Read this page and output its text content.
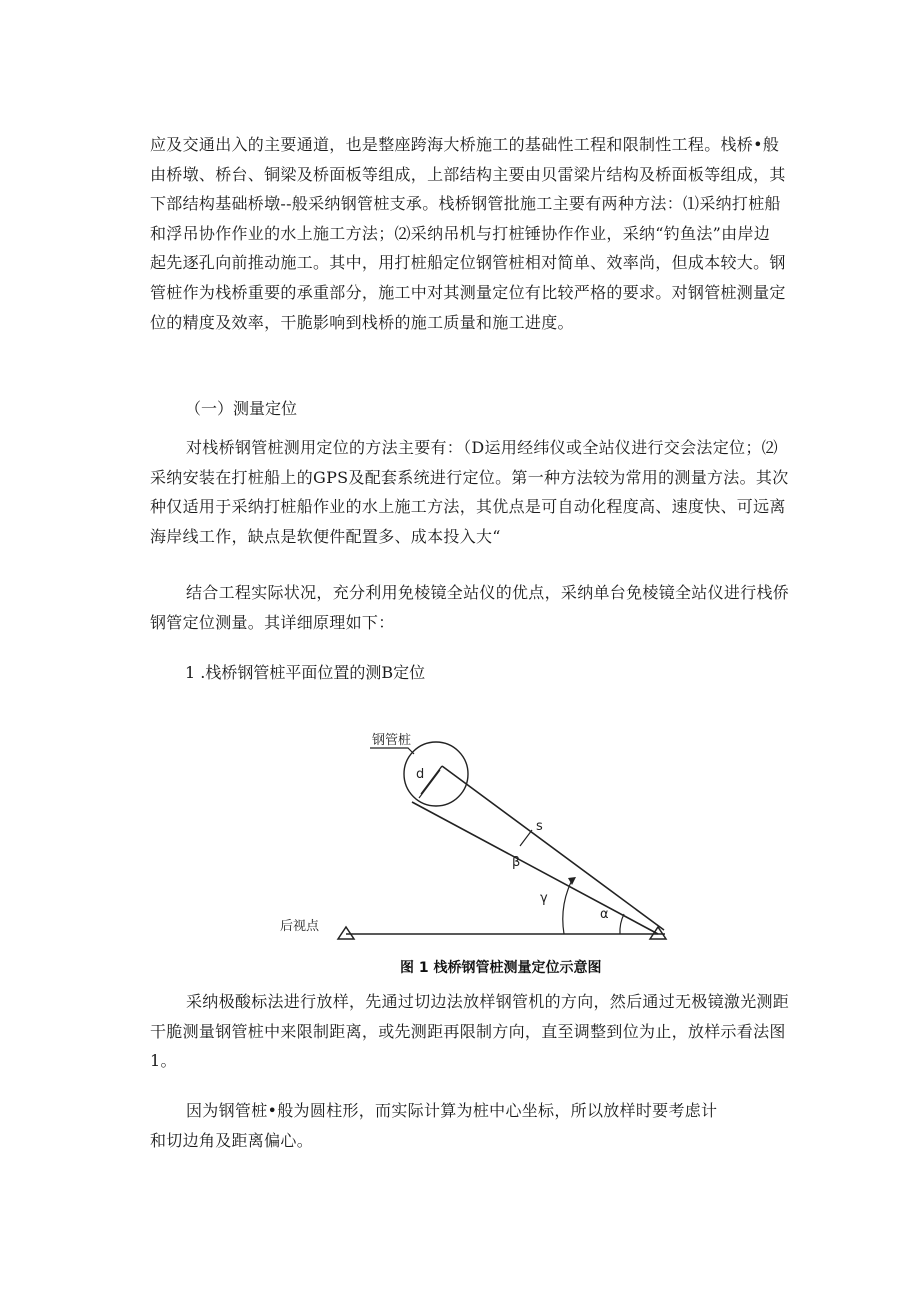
应及交通出入的主要通道，也是整座跨海大桥施工的基础性工程和限制性工程。栈桥•般
由桥墩、桥台、铜梁及桥面板等组成，上部结构主要由贝雷梁片结构及桥面板等组成，其
下部结构基础桥墩--般采纳钢管桩支承。栈桥钢管批施工主要有两种方法：⑴采纳打桩船
和浮吊协作作业的水上施工方法；⑵采纳吊机与打桩锤协作作业，采纳“钓鱼法”由岸边
起先逐孔向前推动施工。其中，用打桩船定位钢管桩相对简单、效率尚，但成本较大。钢
管桩作为栈桥重要的承重部分，施工中对其测量定位有比较严格的要求。对钢管桩测量定
位的精度及效率，干脆影响到栈桥的施工质量和施工进度。

（一）测量定位

对栈桥钢管桩测用定位的方法主要有：（D运用经纬仪或全站仪进行交会法定位；⑵
采纳安装在打桩船上的GPS及配套系统进行定位。第一种方法较为常用的测量方法。其次
种仅适用于采纳打桩船作业的水上施工方法，其优点是可自动化程度高、速度快、可远离
海岸线工作，缺点是软便件配置多、成本投入大“
结合工程实际状况，充分利用免棱镜全站仪的优点，采纳单台免棱镜全站仪进行栈侨
钢管定位测量。其详细原理如下：

1 .栈桥钢管桩平面位置的测B定位

钢管桩
后视点
d
s
β
γ
α
图 1 栈桥钢管桩测量定位示意图
采纳极酸标法进行放样，先通过切边法放样钢管机的方向，然后通过无极镜激光测距
干脆测量钢管桩中来限制距离，或先测距再限制方向，直至调整到位为止，放样示看法图
1。
因为钢管桩•般为圆柱形，而实际计算为桩中心坐标，所以放样时要考虑计
和切边角及距离偏心。
